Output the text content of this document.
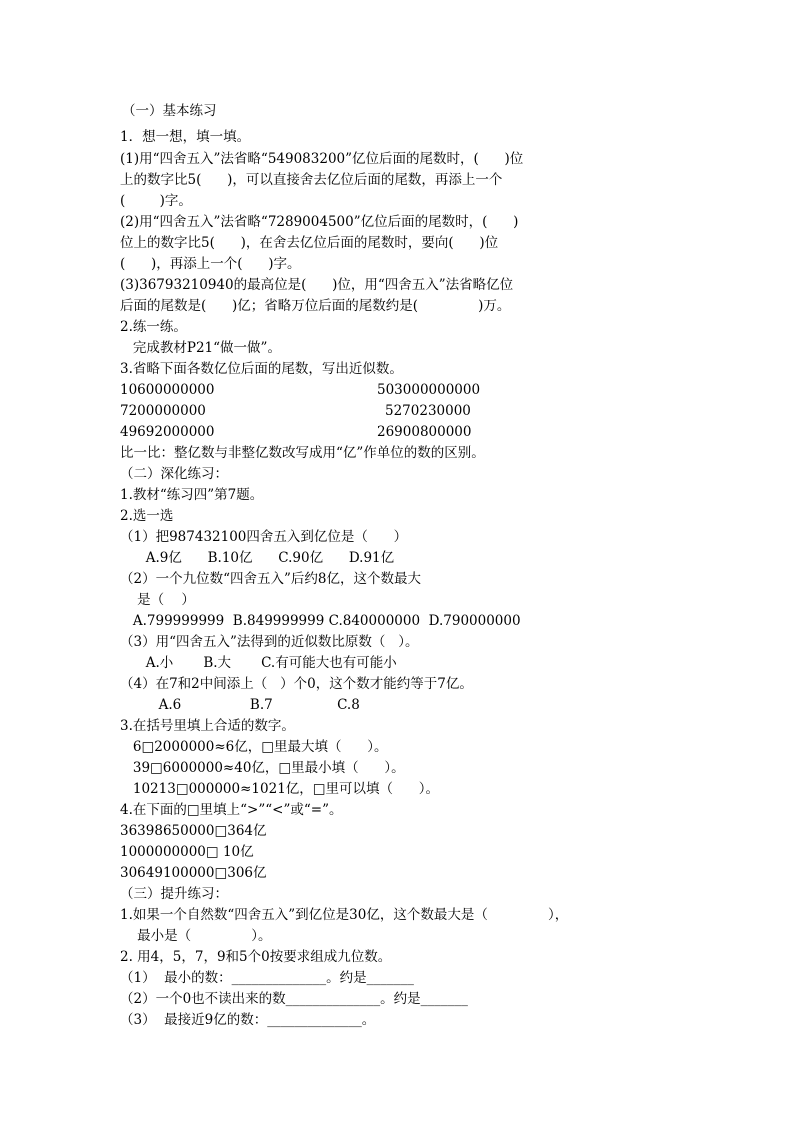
（一）基本练习
1．想一想，填一填。
(1)用“四舍五入”法省略“549083200”亿位后面的尾数时，(      )位
上的数字比5(      )，可以直接舍去亿位后面的尾数，再添上一个
(        )字。
(2)用“四舍五入”法省略“7289004500”亿位后面的尾数时，(      )
位上的数字比5(      )，在舍去亿位后面的尾数时，要向(      )位
(      )，再添上一个(      )字。
(3)36793210940的最高位是(      )位，用“四舍五入”法省略亿位
后面的尾数是(      )亿；省略万位后面的尾数约是(              )万。
2.练一练。
完成教材P21“做一做”。
3.省略下面各数亿位后面的尾数，写出近似数。
10600000000	503000000000
7200000000	5270230000
49692000000	26900800000
比一比：整亿数与非整亿数改写成用“亿”作单位的数的区别。
（二）深化练习：
1.教材“练习四”第7题。
2.选一选
（1）把987432100四舍五入到亿位是（      ）
A.9亿      B.10亿      C.90亿      D.91亿
（2）一个九位数“四舍五入”后约8亿，这个数最大
是（    ）
A.799999999  B.849999999 C.840000000  D.790000000
（3）用“四舍五入”法得到的近似数比原数（   ）。
A.小       B.大       C.有可能大也有可能小
（4）在7和2中间添上（   ）个0，这个数才能约等于7亿。
A.6                B.7               C.8
3.在括号里填上合适的数字。
6□2000000≈6亿，□里最大填（      ）。
39□6000000≈40亿，□里最小填（      ）。
10213□000000≈1021亿，□里可以填（      ）。
4.在下面的□里填上“>”“<”或“=”。
36398650000□364亿
1000000000□ 10亿
30649100000□306亿
（三）提升练习：
1.如果一个自然数“四舍五入”到亿位是30亿，这个数最大是（              ），
最小是（              ）。
2. 用4，5，7，9和5个0按要求组成九位数。
（1）  最小的数：______________。约是_______
（2）一个0也不读出来的数______________。约是_______
（3）  最接近9亿的数：______________。
